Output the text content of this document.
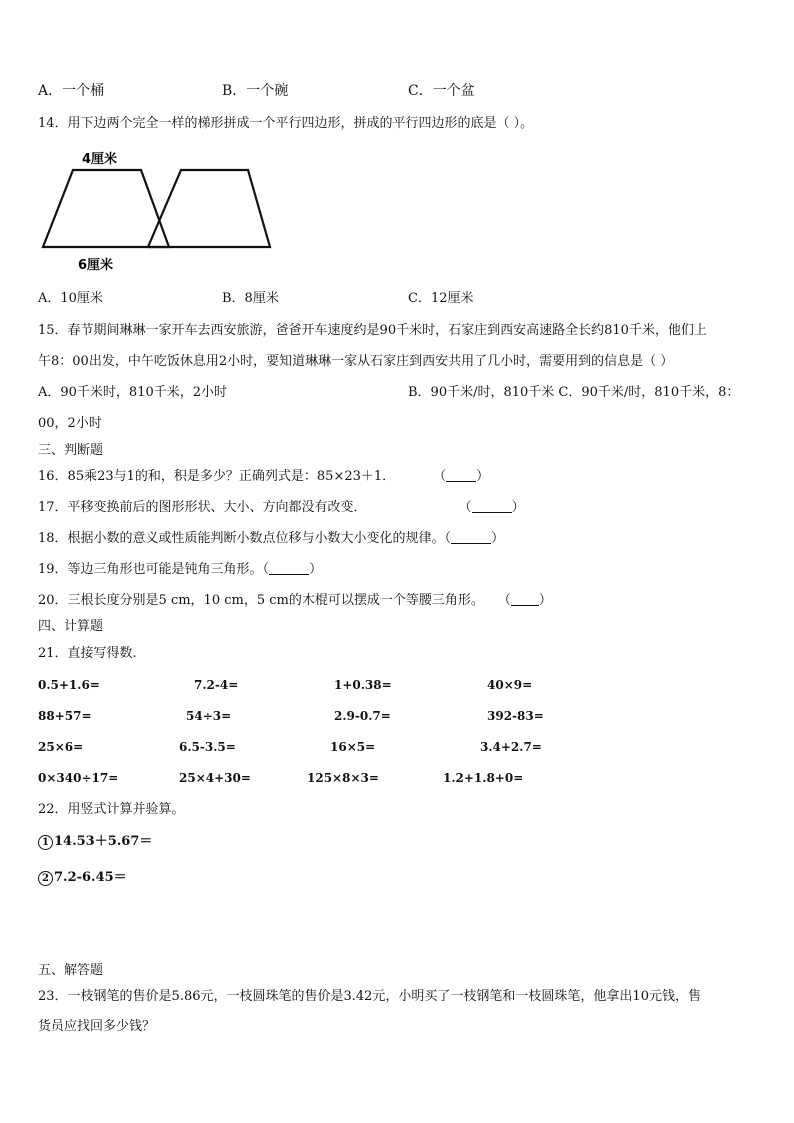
A．一个桶	B．一个碗	C．一个盆
14．用下边两个完全一样的梯形拼成一个平行四边形，拼成的平行四边形的底是（ ）。
4厘米
6厘米
A．10厘米	B．8厘米	C．12厘米
15．春节期间琳琳一家开车去西安旅游，爸爸开车速度约是90千米时，石家庄到西安高速路全长约810千米，他们上
午8：00出发，中午吃饭休息用2小时，要知道琳琳一家从石家庄到西安共用了几小时，需要用到的信息是（ ）
A．90千米时，810千米，2小时	B．90千米/时，810千米 C．90千米/时，810千米，8：
00，2小时
三、判断题
16．85乘23与1的和，积是多少？正确列式是：85×23＋1．	（ ）
17．平移变换前后的图形形状、大小、方向都没有改变．	（	）
18．根据小数的意义或性质能判断小数点位移与小数大小变化的规律。（	）
19．等边三角形也可能是钝角三角形。（	）
20．三根长度分别是5 cm，10 cm，5 cm的木棍可以摆成一个等腰三角形。 （ ）
四、计算题
21．直接写得数.
0.5+1.6=	7.2-4=	1+0.38=	40×9=
88+57=	54÷3=	2.9-0.7=	392-83=
25×6=	6.5-3.5=	16×5=	3.4+2.7=
0×340÷17=	25×4+30=	125×8×3=	1.2+1.8+0=
22．用竖式计算并验算。
1 14.53＋5.67＝
2 7.2-6.45＝
五、解答题
23．一枝钢笔的售价是5.86元，一枝圆珠笔的售价是3.42元，小明买了一枝钢笔和一枝圆珠笔，他拿出10元钱，售
货员应找回多少钱？
